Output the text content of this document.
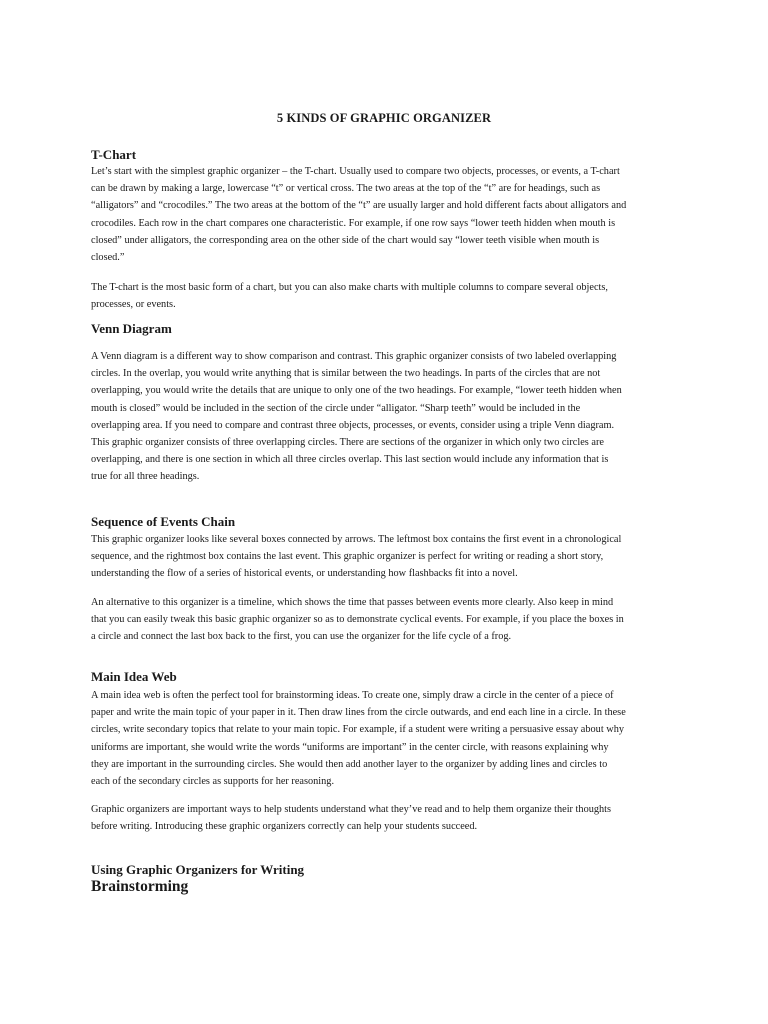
5 KINDS OF GRAPHIC ORGANIZER
T-Chart

Let’s start with the simplest graphic organizer – the T-chart. Usually used to compare two objects, processes, or events, a T-chart
can be drawn by making a large, lowercase “t” or vertical cross. The two areas at the top of the “t” are for headings, such as
“alligators” and “crocodiles.” The two areas at the bottom of the “t” are usually larger and hold different facts about alligators and
crocodiles. Each row in the chart compares one characteristic. For example, if one row says “lower teeth hidden when mouth is
closed” under alligators, the corresponding area on the other side of the chart would say “lower teeth visible when mouth is
closed.”

The T-chart is the most basic form of a chart, but you can also make charts with multiple columns to compare several objects,
processes, or events.

Venn Diagram

A Venn diagram is a different way to show comparison and contrast. This graphic organizer consists of two labeled overlapping
circles. In the overlap, you would write anything that is similar between the two headings. In parts of the circles that are not
overlapping, you would write the details that are unique to only one of the two headings. For example, “lower teeth hidden when
mouth is closed” would be included in the section of the circle under “alligator. “Sharp teeth” would be included in the
overlapping area. If you need to compare and contrast three objects, processes, or events, consider using a triple Venn diagram.
This graphic organizer consists of three overlapping circles. There are sections of the organizer in which only two circles are
overlapping, and there is one section in which all three circles overlap. This last section would include any information that is
true for all three headings.

Sequence of Events Chain

This graphic organizer looks like several boxes connected by arrows. The leftmost box contains the first event in a chronological
sequence, and the rightmost box contains the last event. This graphic organizer is perfect for writing or reading a short story,
understanding the flow of a series of historical events, or understanding how flashbacks fit into a novel.

An alternative to this organizer is a timeline, which shows the time that passes between events more clearly. Also keep in mind
that you can easily tweak this basic graphic organizer so as to demonstrate cyclical events. For example, if you place the boxes in
a circle and connect the last box back to the first, you can use the organizer for the life cycle of a frog.

Main Idea Web

A main idea web is often the perfect tool for brainstorming ideas. To create one, simply draw a circle in the center of a piece of
paper and write the main topic of your paper in it. Then draw lines from the circle outwards, and end each line in a circle. In these
circles, write secondary topics that relate to your main topic. For example, if a student were writing a persuasive essay about why
uniforms are important, she would write the words “uniforms are important” in the center circle, with reasons explaining why
they are important in the surrounding circles. She would then add another layer to the organizer by adding lines and circles to
each of the secondary circles as supports for her reasoning.

Graphic organizers are important ways to help students understand what they’ve read and to help them organize their thoughts
before writing. Introducing these graphic organizers correctly can help your students succeed.

Using Graphic Organizers for Writing
Brainstorming
